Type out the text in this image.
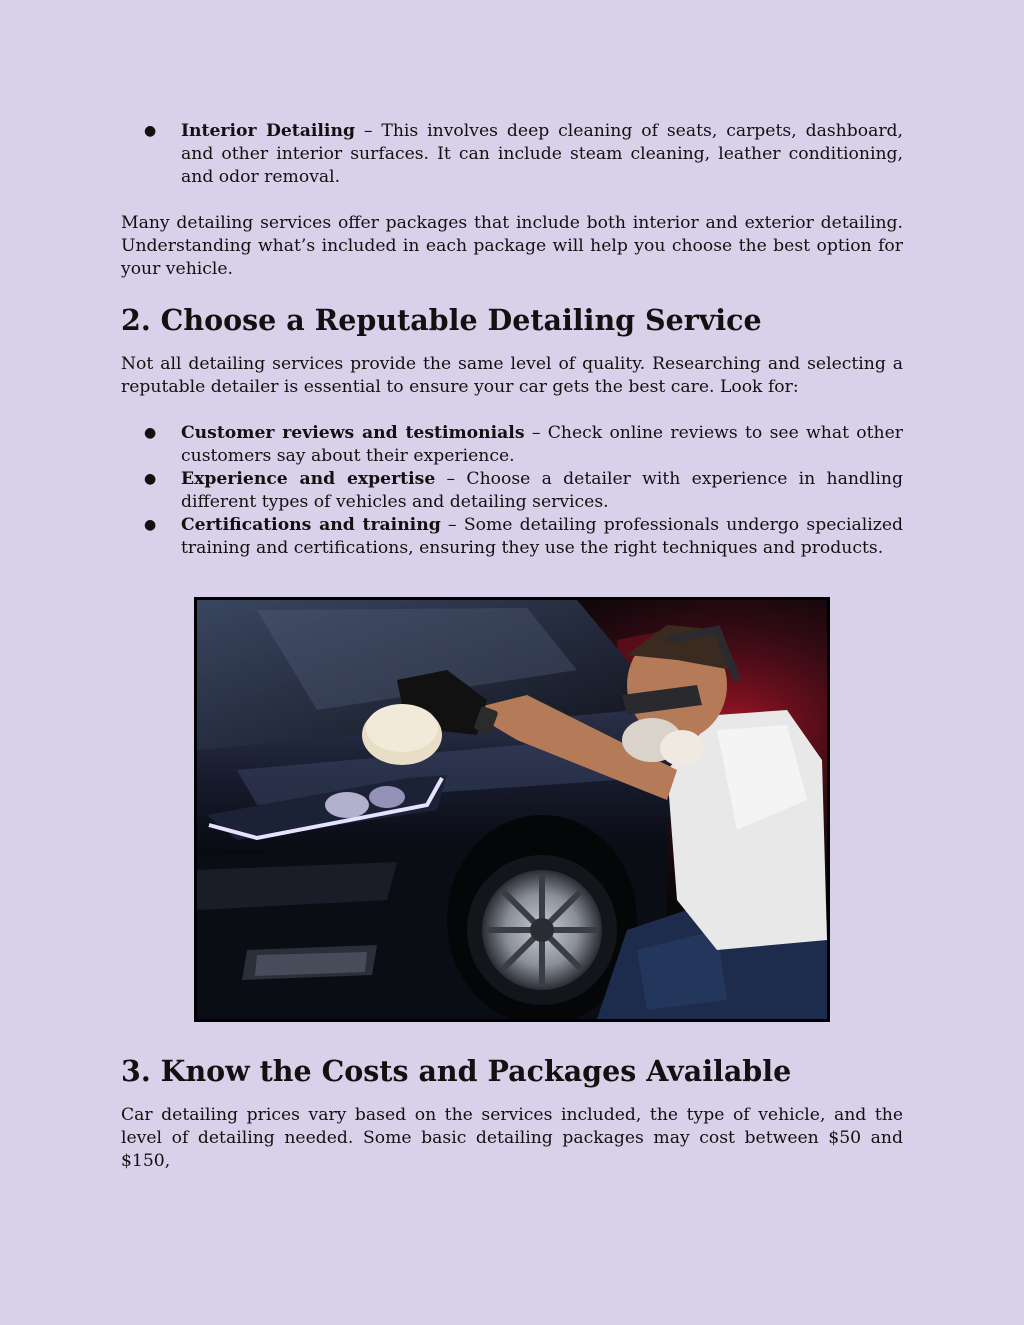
● Interior Detailing – This involves deep cleaning of seats, carpets, dashboard, and other interior surfaces. It can include steam cleaning, leather conditioning, and odor removal.

Many detailing services offer packages that include both interior and exterior detailing. Understanding what’s included in each package will help you choose the best option for your vehicle.

2. Choose a Reputable Detailing Service

Not all detailing services provide the same level of quality. Researching and selecting a reputable detailer is essential to ensure your car gets the best care. Look for:

● Customer reviews and testimonials – Check online reviews to see what other customers say about their experience.
● Experience and expertise – Choose a detailer with experience in handling different types of vehicles and detailing services.
● Certifications and training – Some detailing professionals undergo specialized training and certifications, ensuring they use the right techniques and products.
3. Know the Costs and Packages Available

Car detailing prices vary based on the services included, the type of vehicle, and the level of detailing needed. Some basic detailing packages may cost between $50 and $150,
